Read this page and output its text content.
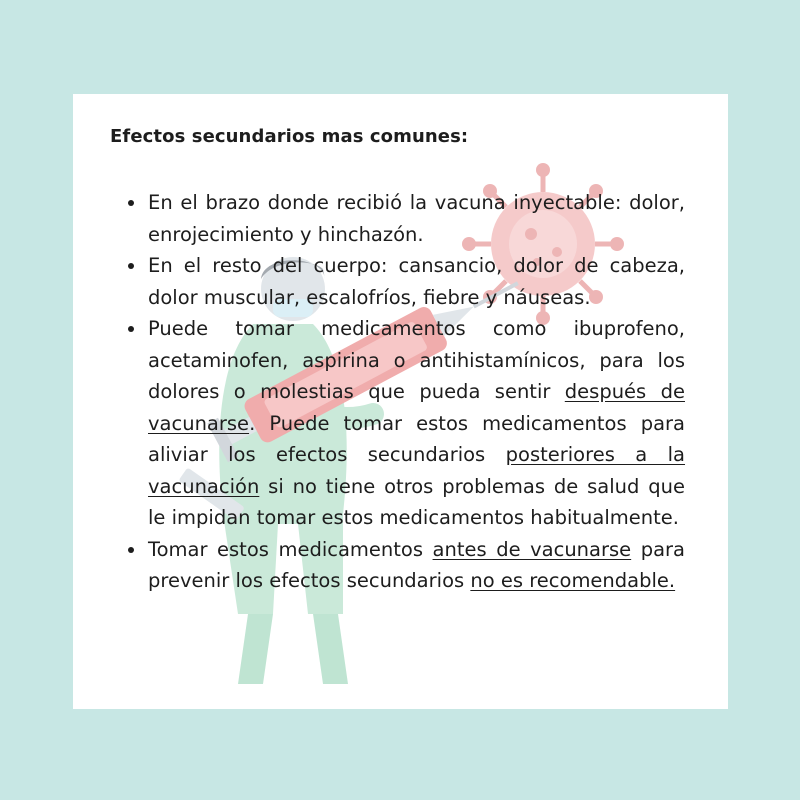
Efectos secundarios mas comunes:
En el brazo donde recibió la vacuna inyectable: dolor, enrojecimiento y hinchazón.
En el resto del cuerpo: cansancio, dolor de cabeza, dolor muscular, escalofríos, fiebre y náuseas.
Puede tomar medicamentos como ibuprofeno, acetaminofen, aspirina o antihistamínicos, para los dolores o molestias que pueda sentir después de vacunarse. Puede tomar estos medicamentos para aliviar los efectos secundarios posteriores a la vacunación si no tiene otros problemas de salud que le impidan tomar estos medicamentos habitualmente.
Tomar estos medicamentos antes de vacunarse para prevenir los efectos secundarios no es recomendable.
